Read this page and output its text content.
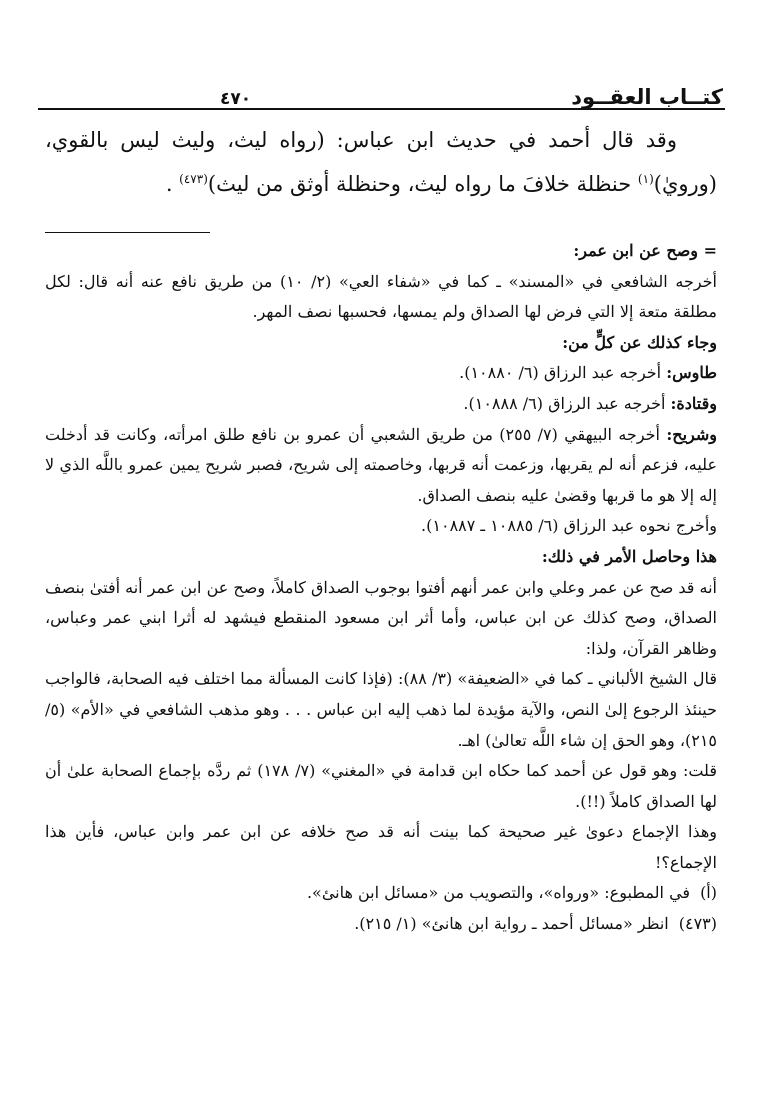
كتــاب العقــود
٤٧٠

وقد قال أحمد في حديث ابن عباس: (رواه ليث، وليث ليس بالقوي، (ورويٰ)$^{(١)}$ حنظلة خلافَ ما رواه ليث، وحنظلة أوثق من ليث)$^{(٤٧٣)}$ .

= وصح عن ابن عمر:

أخرجه الشافعي في «المسند» ـ كما في «شفاء العي» (٢/ ١٠) من طريق نافع عنه أنه قال: لكل مطلقة متعة إلا التي فرض لها الصداق ولم يمسها، فحسبها نصف المهر.

وجاء كذلك عن كلٍّ من:

طاوس: أخرجه عبد الرزاق (٦/ ١٠٨٨٠).

وقتادة: أخرجه عبد الرزاق (٦/ ١٠٨٨٨).

وشريح: أخرجه البيهقي (٧/ ٢٥٥) من طريق الشعبي أن عمرو بن نافع طلق امرأته، وكانت قد أدخلت عليه، فزعم أنه لم يقربها، وزعمت أنه قربها، وخاصمته إلى شريح، فصبر شريح يمين عمرو باللَّه الذي لا إله إلا هو ما قربها وقضىٰ عليه بنصف الصداق.

وأخرج نحوه عبد الرزاق (٦/ ١٠٨٨٥ ـ ١٠٨٨٧).

هذا وحاصل الأمر في ذلك:

أنه قد صح عن عمر وعلي وابن عمر أنهم أفتوا بوجوب الصداق كاملاً، وصح عن ابن عمر أنه أفتىٰ بنصف الصداق، وصح كذلك عن ابن عباس، وأما أثر ابن مسعود المنقطع فيشهد له أثرا ابني عمر وعباس، وظاهر القرآن، ولذا:

قال الشيخ الألباني ـ كما في «الضعيفة» (٣/ ٨٨): (فإذا كانت المسألة مما اختلف فيه الصحابة، فالواجب حينئذ الرجوع إلىٰ النص، والآية مؤيدة لما ذهب إليه ابن عباس . . . وهو مذهب الشافعي في «الأم» (٥/ ٢١٥)، وهو الحق إن شاء اللَّه تعالىٰ) اهـ.

قلت: وهو قول عن أحمد كما حكاه ابن قدامة في «المغني» (٧/ ١٧٨) ثم ردَّه بإجماع الصحابة علىٰ أن لها الصداق كاملاً (!!).

وهذا الإجماع دعوىٰ غير صحيحة كما بينت أنه قد صح خلافه عن ابن عمر وابن عباس، فأين هذا الإجماع؟!

(أ)
في المطبوع: «ورواه»، والتصويب من «مسائل ابن هانئ».
(٤٧٣)
انظر «مسائل أحمد ـ رواية ابن هانئ» (١/ ٢١٥).
